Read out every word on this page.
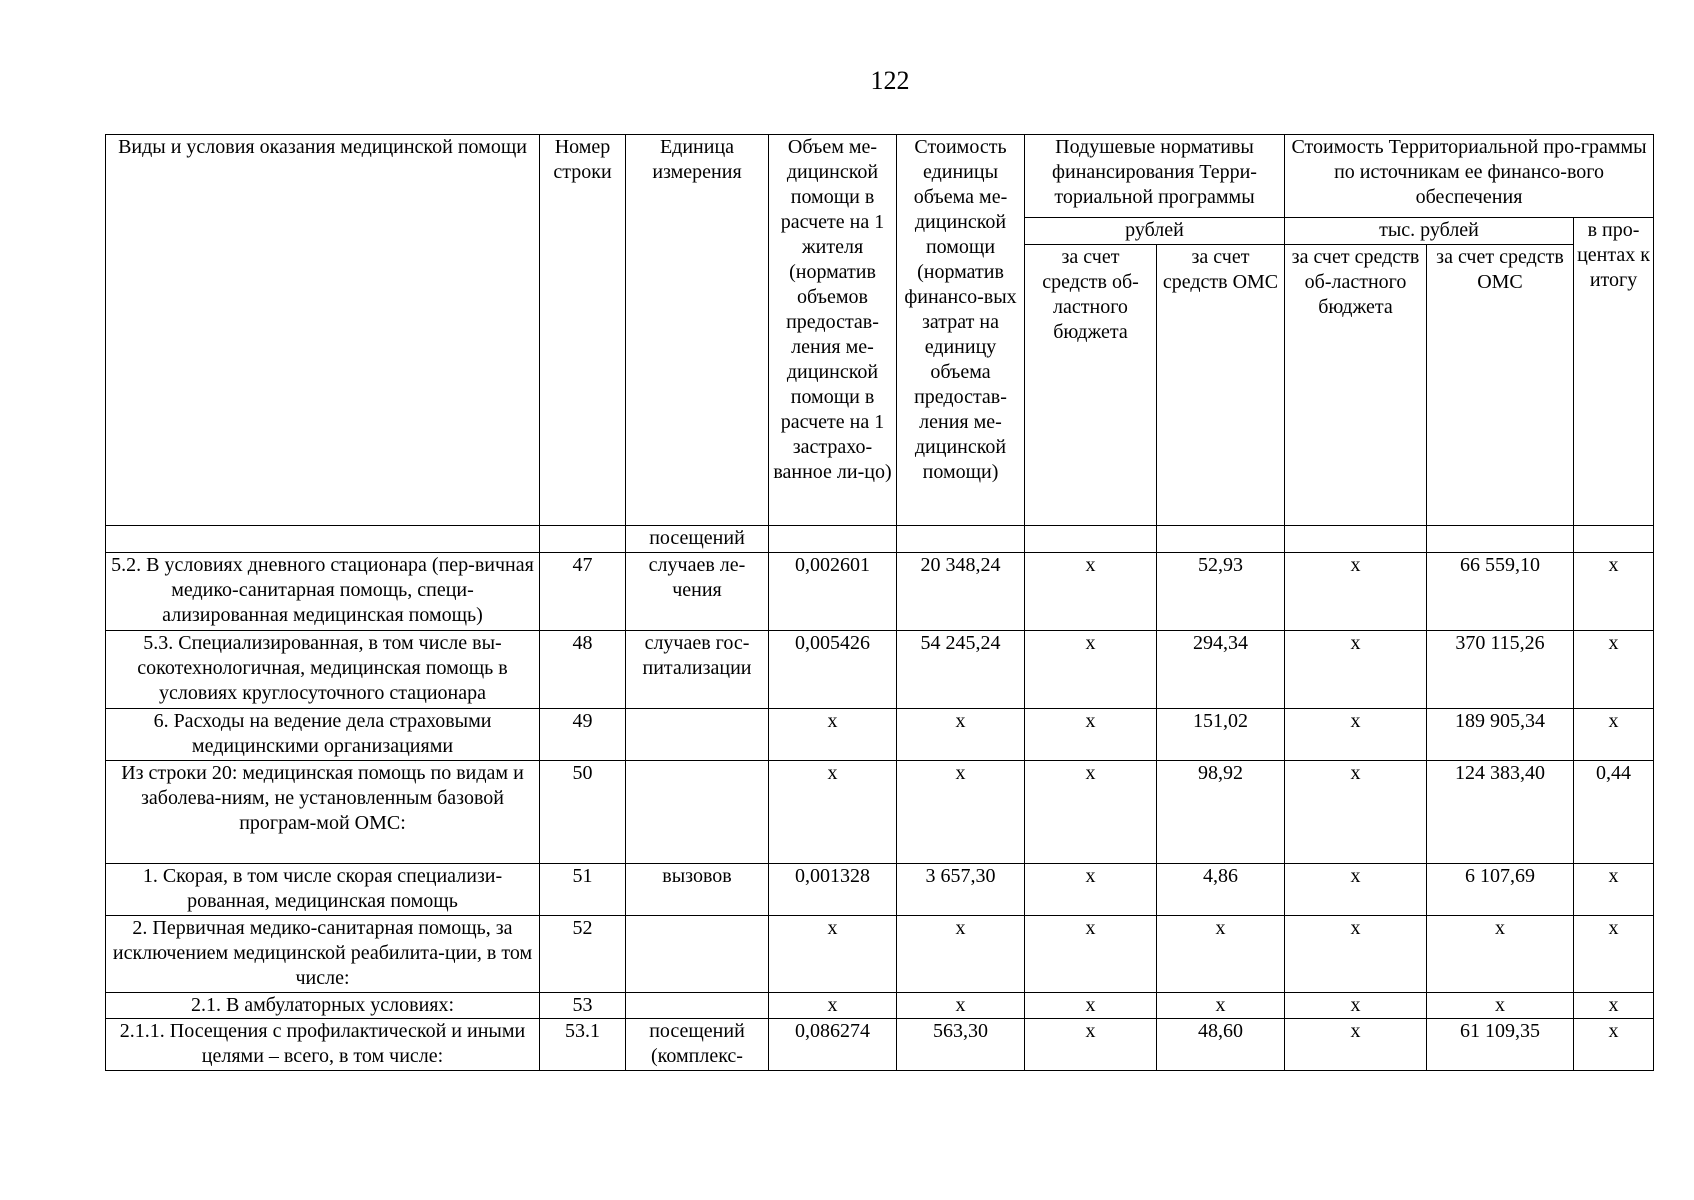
122
Виды и условия оказания медицинской помощи	Номер строки	Единица измерения	Объем ме-дицинской помощи в расчете на 1 жителя (норматив объемов предостав-ления ме-дицинской помощи в расчете на 1 застрахо-ванное ли-цо)	Стоимость единицы объема ме-дицинской помощи (норматив финансо-вых затрат на единицу объема предостав-ления ме-дицинской помощи)	Подушевые нормативы финансирования Терри-ториальной программы		Стоимость Территориальной про-граммы по источникам ее финансо-вого обеспечения		
					рублей		тыс. рублей		в про-центах к итогу
					за счет средств об-ластного бюджета	за счет средств ОМС	за счет средств об-ластного бюджета	за счет средств ОМС	
		посещений							
5.2. В условиях дневного стационара (пер-вичная медико-санитарная помощь, специ-ализированная медицинская помощь)	47	случаев ле-чения	0,002601	20 348,24	х	52,93	х	66 559,10	х
5.3. Специализированная, в том числе вы-сокотехнологичная, медицинская помощь в условиях круглосуточного стационара	48	случаев гос-питализации	0,005426	54 245,24	х	294,34	х	370 115,26	х
6. Расходы на ведение дела страховыми медицинскими организациями	49		х	х	х	151,02	х	189 905,34	х
Из строки 20: медицинская помощь по видам и заболева-ниям, не установленным базовой програм-мой ОМС:	50		х	х	х	98,92	х	124 383,40	0,44
1. Скорая, в том числе скорая специализи-рованная, медицинская помощь	51	вызовов	0,001328	3 657,30	х	4,86	х	6 107,69	х
2. Первичная медико-санитарная помощь, за исключением медицинской реабилита-ции, в том числе:	52		х	х	х	х	х	х	х
2.1. В амбулаторных условиях:	53		х	х	х	х	х	х	х
2.1.1. Посещения с профилактической и иными целями – всего, в том числе:	53.1	посещений (комплекс-	0,086274	563,30	х	48,60	х	61 109,35	х
